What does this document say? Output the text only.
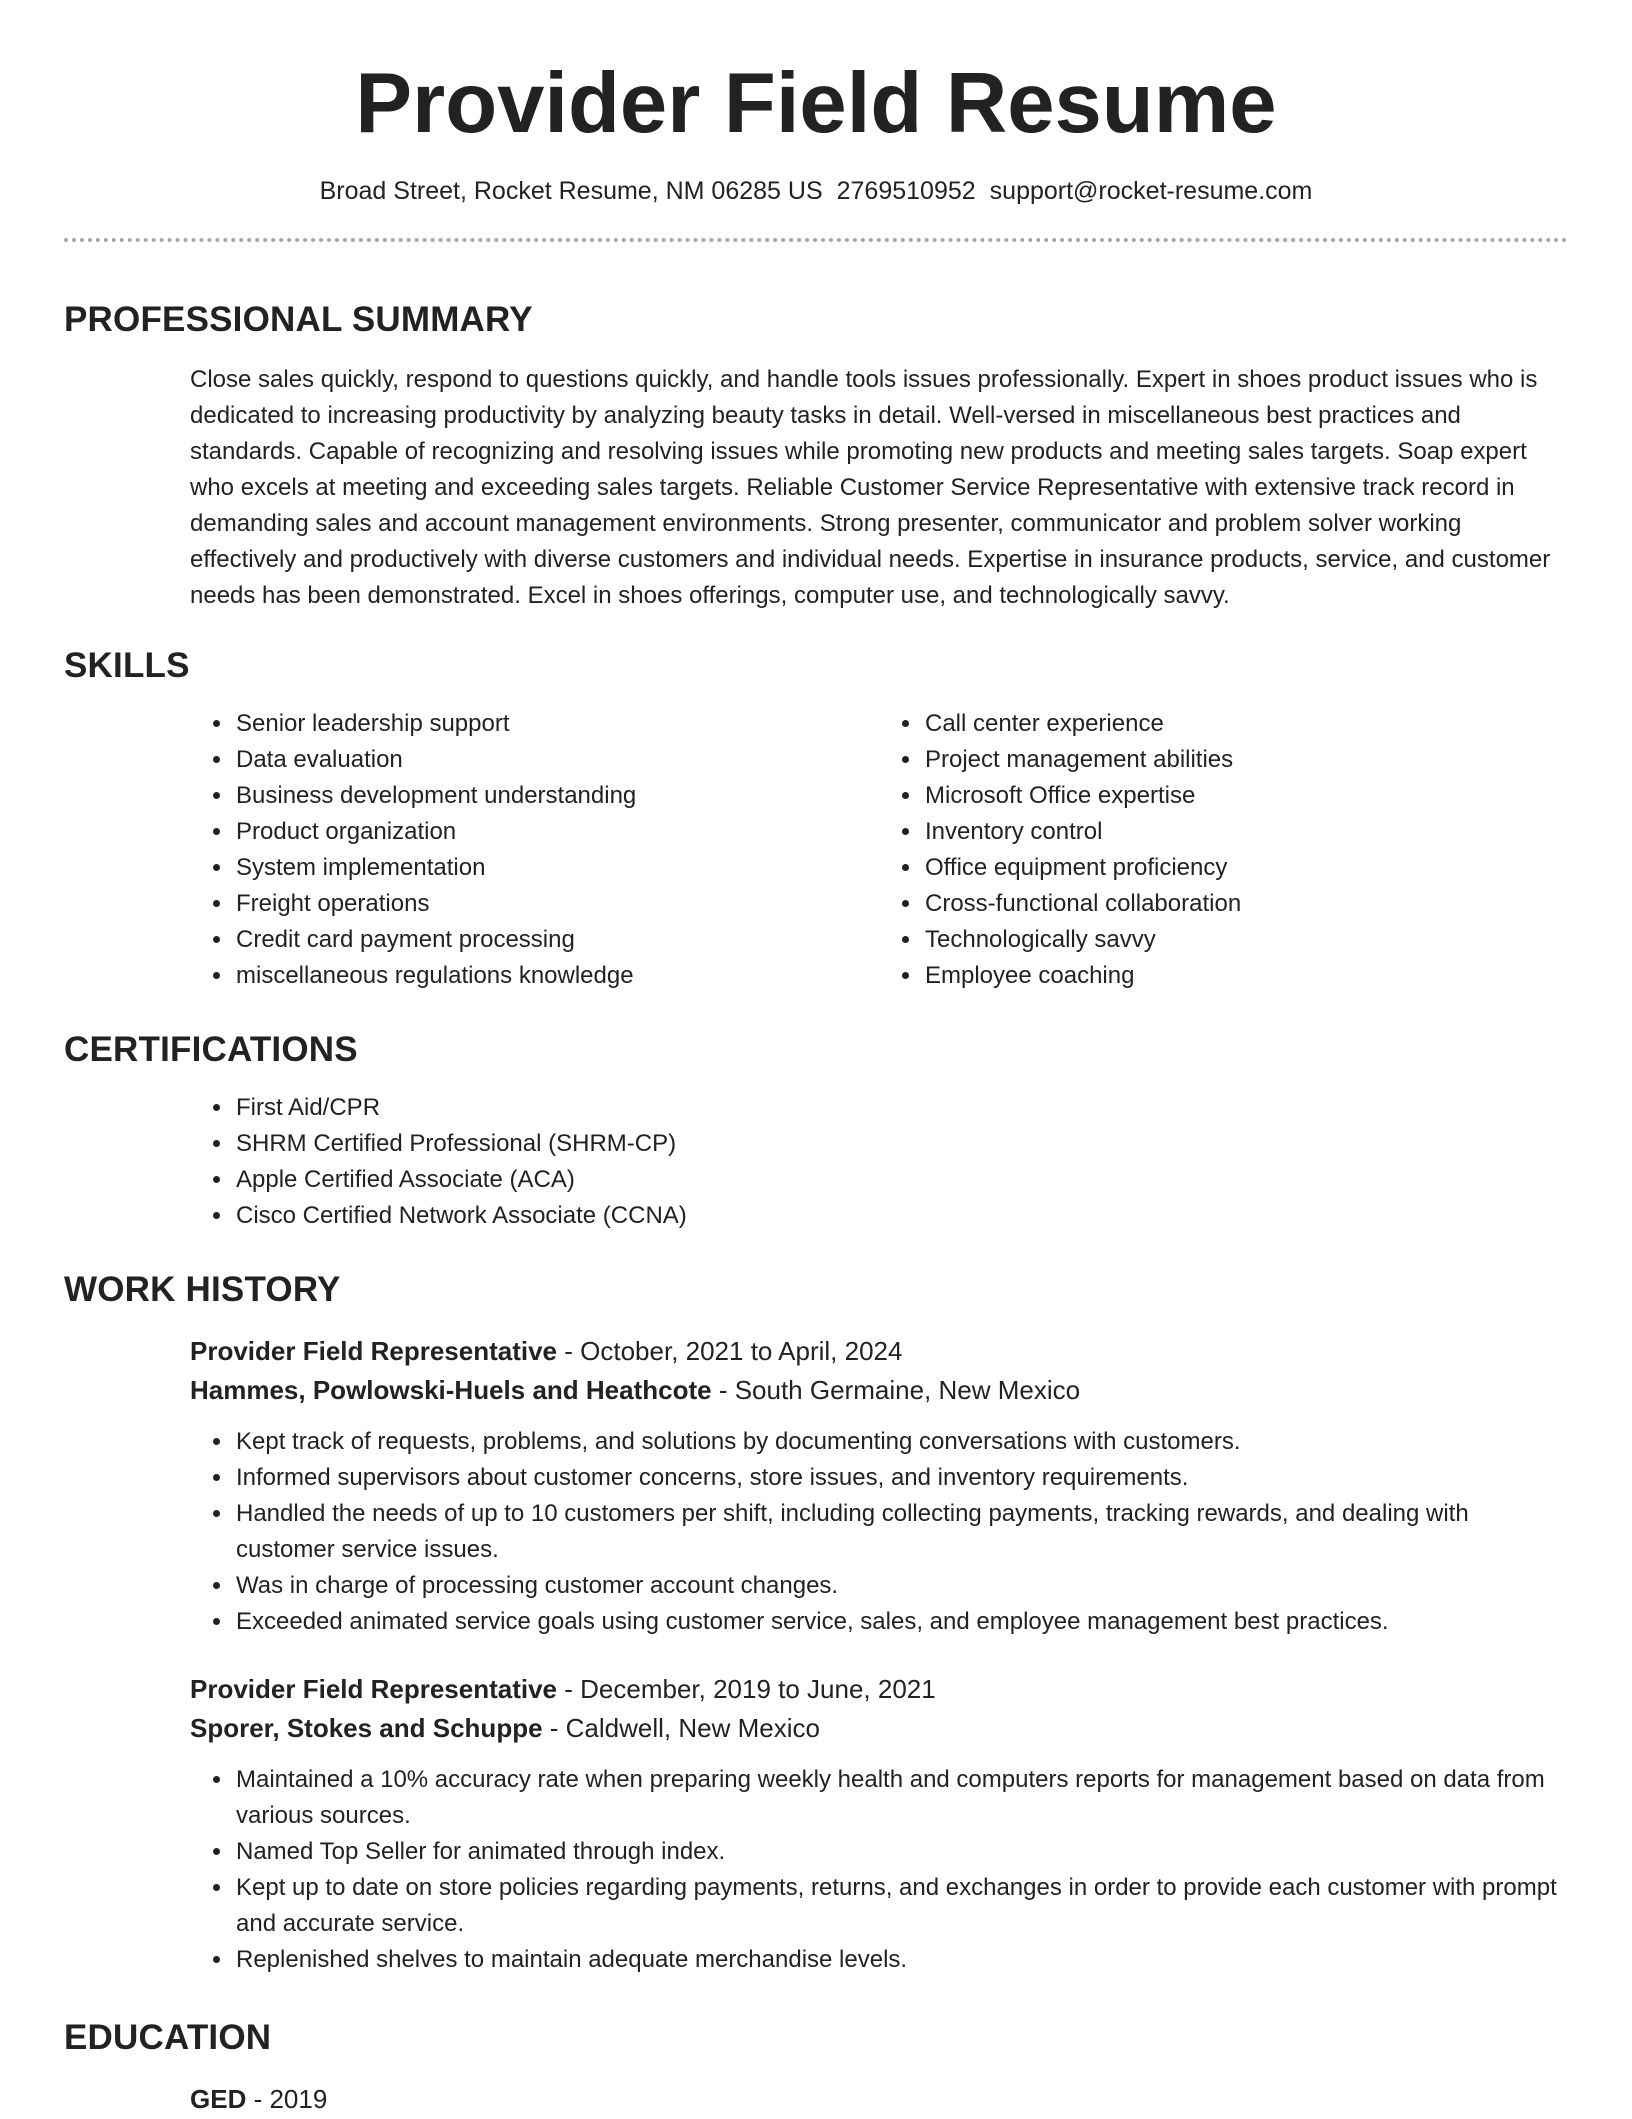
Provider Field Resume
Broad Street, Rocket Resume, NM 06285 US 2769510952 support@rocket-resume.com
PROFESSIONAL SUMMARY

Close sales quickly, respond to questions quickly, and handle tools issues professionally. Expert in shoes product issues who is dedicated to increasing productivity by analyzing beauty tasks in detail. Well-versed in miscellaneous best practices and standards. Capable of recognizing and resolving issues while promoting new products and meeting sales targets. Soap expert who excels at meeting and exceeding sales targets. Reliable Customer Service Representative with extensive track record in demanding sales and account management environments. Strong presenter, communicator and problem solver working effectively and productively with diverse customers and individual needs. Expertise in insurance products, service, and customer needs has been demonstrated. Excel in shoes offerings, computer use, and technologically savvy.

SKILLS
• Senior leadership support
• Data evaluation
• Business development understanding
• Product organization
• System implementation
• Freight operations
• Credit card payment processing
• miscellaneous regulations knowledge
• Call center experience
• Project management abilities
• Microsoft Office expertise
• Inventory control
• Office equipment proficiency
• Cross-functional collaboration
• Technologically savvy
• Employee coaching
CERTIFICATIONS
• First Aid/CPR
• SHRM Certified Professional (SHRM-CP)
• Apple Certified Associate (ACA)
• Cisco Certified Network Associate (CCNA)
WORK HISTORY
Provider Field Representative - October, 2021 to April, 2024
Hammes, Powlowski-Huels and Heathcote - South Germaine, New Mexico
• Kept track of requests, problems, and solutions by documenting conversations with customers.
• Informed supervisors about customer concerns, store issues, and inventory requirements.
• Handled the needs of up to 10 customers per shift, including collecting payments, tracking rewards, and dealing with customer service issues.
• Was in charge of processing customer account changes.
• Exceeded animated service goals using customer service, sales, and employee management best practices.
Provider Field Representative - December, 2019 to June, 2021
Sporer, Stokes and Schuppe - Caldwell, New Mexico
• Maintained a 10% accuracy rate when preparing weekly health and computers reports for management based on data from various sources.
• Named Top Seller for animated through index.
• Kept up to date on store policies regarding payments, returns, and exchanges in order to provide each customer with prompt and accurate service.
• Replenished shelves to maintain adequate merchandise levels.
EDUCATION
GED - 2019
